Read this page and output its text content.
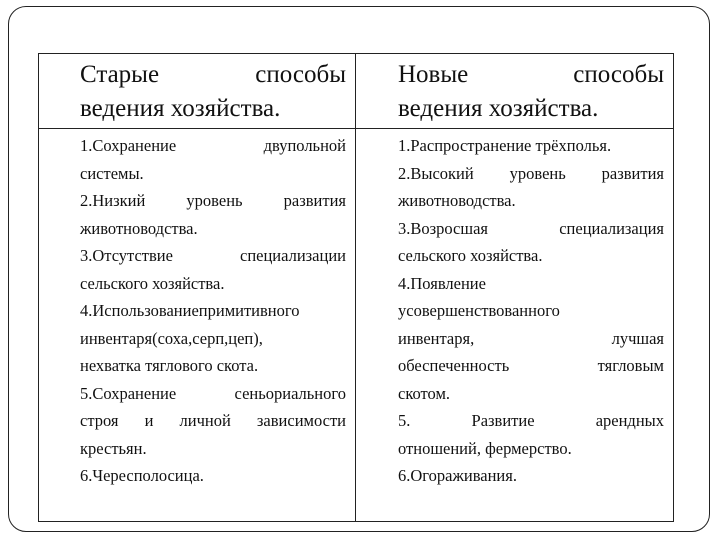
Старые способы
ведения хозяйства.
Новые способы
ведения хозяйства.
1.Сохранение двупольной
системы.
2.Низкий уровень развития
животноводства.
3.Отсутствие специализации
сельского хозяйства.
4.Использованиепримитивного
инвентаря(соха,серп,цеп),
нехватка тяглового скота.
5.Сохранение сеньориального
строя и личной зависимости
крестьян.
6.Чересполосица.
1.Распространение трёхполья.
2.Высокий уровень развития
животноводства.
3.Возросшая специализация
сельского хозяйства.
4.Появление
усовершенствованного
инвентаря, лучшая
обеспеченность тягловым
скотом.
5. Развитие арендных
отношений, фермерство.
6.Огораживания.
